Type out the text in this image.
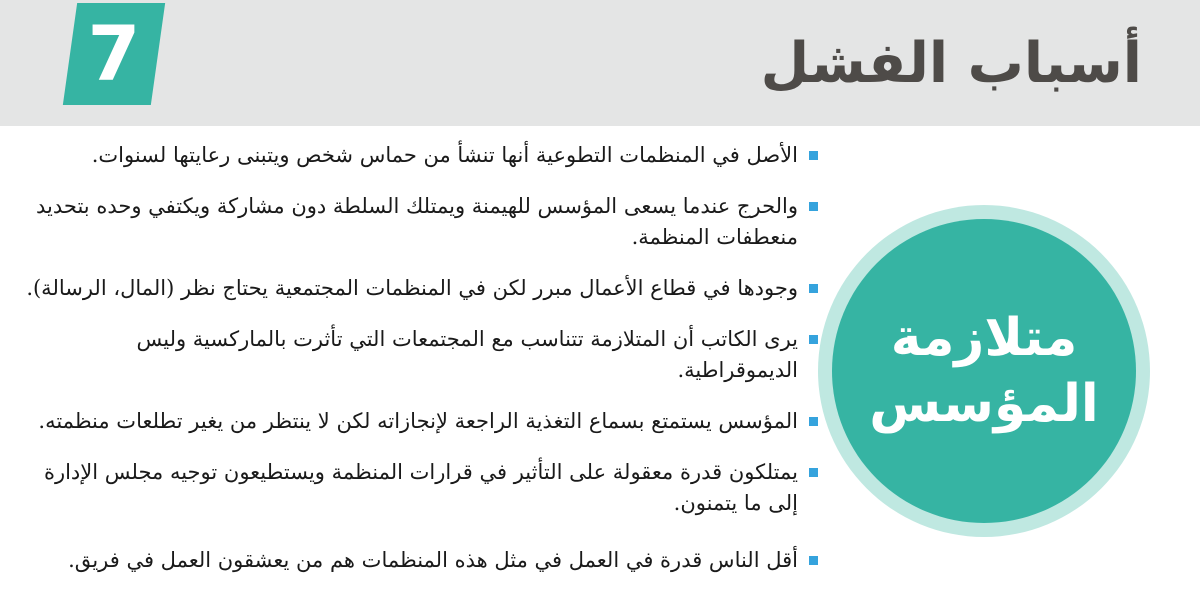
7	أسباب الفشل
متلازمة
المؤسس
الأصل في المنظمات التطوعية أنها تنشأ من حماس شخص ويتبنى رعايتها لسنوات.
والحرج عندما يسعى المؤسس للهيمنة ويمتلك السلطة دون مشاركة ويكتفي وحده بتحديد منعطفات المنظمة.
وجودها في قطاع الأعمال مبرر لكن في المنظمات المجتمعية يحتاج نظر (المال، الرسالة).
يرى الكاتب أن المتلازمة تتناسب مع المجتمعات التي تأثرت بالماركسية وليس الديموقراطية.
المؤسس يستمتع بسماع التغذية الراجعة لإنجازاته لكن لا ينتظر من يغير تطلعات منظمته.
يمتلكون قدرة معقولة على التأثير في قرارات المنظمة ويستطيعون توجيه مجلس الإدارة إلى ما يتمنون.
أقل الناس قدرة في العمل في مثل هذه المنظمات هم من يعشقون العمل في فريق.
